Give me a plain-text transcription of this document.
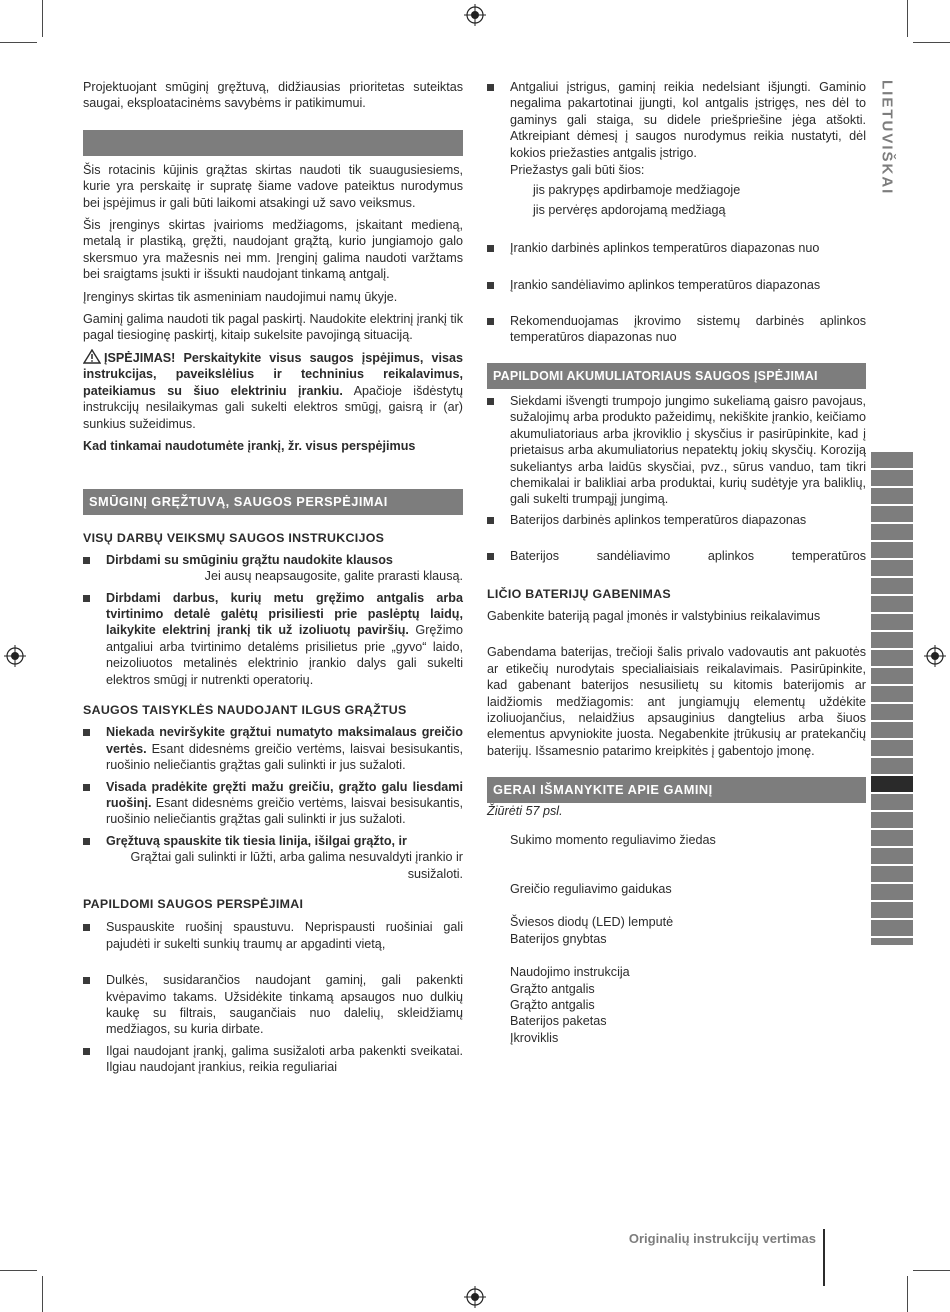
LIETUVIŠKAI

Projektuojant smūginį gręžtuvą, didžiausias prioritetas suteiktas saugai, eksploatacinėms savybėms ir patikimumui.

Šis rotacinis kūjinis grąžtas skirtas naudoti tik suaugusiesiems, kurie yra perskaitę ir supratę šiame vadove pateiktus nurodymus bei įspėjimus ir gali būti laikomi atsakingi už savo veiksmus.

Šis įrenginys skirtas įvairioms medžiagoms, įskaitant medieną, metalą ir plastiką, gręžti, naudojant grąžtą, kurio jungiamojo galo skersmuo yra mažesnis nei mm. Įrenginį galima naudoti varžtams bei sraigtams įsukti ir išsukti naudojant tinkamą antgalį.

Įrenginys skirtas tik asmeniniam naudojimui namų ūkyje.

Gaminį galima naudoti tik pagal paskirtį. Naudokite elektrinį įrankį tik pagal tiesioginę paskirtį, kitaip sukelsite pavojingą situaciją.

ĮSPĖJIMAS! Perskaitykite visus saugos įspėjimus, visas instrukcijas, paveikslėlius ir techninius reikalavimus, pateikiamus su šiuo elektriniu įrankiu. Apačioje išdėstytų instrukcijų nesilaikymas gali sukelti elektros smūgį, gaisrą ir (ar) sunkius sužeidimus.

Kad tinkamai naudotumėte įrankį, žr. visus perspėjimus

SMŪGINĮ GRĘŽTUVĄ, SAUGOS PERSPĖJIMAI

VISŲ DARBŲ VEIKSMŲ SAUGOS INSTRUKCIJOS

Dirbdami su smūginiu grąžtu naudokite klausos
Jei ausų neapsaugosite, galite prarasti klausą.
Dirbdami darbus, kurių metu gręžimo antgalis arba tvirtinimo detalė galėtų prisiliesti prie paslėptų laidų, laikykite elektrinį įrankį tik už izoliuotų paviršių. Gręžimo antgaliui arba tvirtinimo detalėms prisilietus prie „gyvo“ laido, neizoliuotos metalinės elektrinio įrankio dalys gali sukelti elektros smūgį ir nutrenkti operatorių.

SAUGOS TAISYKLĖS NAUDOJANT ILGUS GRĄŽTUS

Niekada neviršykite grąžtui numatyto maksimalaus greičio vertės. Esant didesnėms greičio vertėms, laisvai besisukantis, ruošinio neliečiantis grąžtas gali sulinkti ir jus sužaloti.
Visada pradėkite gręžti mažu greičiu, grąžto galu liesdami ruošinį. Esant didesnėms greičio vertėms, laisvai besisukantis, ruošinio neliečiantis grąžtas gali sulinkti ir jus sužaloti.
Gręžtuvą spauskite tik tiesia linija, išilgai grąžto, ir
Grąžtai gali sulinkti ir lūžti, arba galima nesuvaldyti įrankio ir susižaloti.

PAPILDOMI SAUGOS PERSPĖJIMAI

Suspauskite ruošinį spaustuvu. Neprispausti ruošiniai gali pajudėti ir sukelti sunkių traumų ar apgadinti vietą,
Dulkės, susidarančios naudojant gaminį, gali pakenkti kvėpavimo takams. Užsidėkite tinkamą apsaugos nuo dulkių kaukę su filtrais, saugančiais nuo dalelių, skleidžiamų medžiagos, su kuria dirbate.
Ilgai naudojant įrankį, galima susižaloti arba pakenkti sveikatai. Ilgiau naudojant įrankius, reikia reguliariai
Antgaliui įstrigus, gaminį reikia nedelsiant išjungti. Gaminio negalima pakartotinai įjungti, kol antgalis įstrigęs, nes dėl to gaminys gali staiga, su didele priešpriešine jėga atšokti. Atkreipiant dėmesį į saugos nurodymus reikia nustatyti, dėl kokios priežasties antgalis įstrigo.

Priežastys gali būti šios:

jis pakrypęs apdirbamoje medžiagoje

jis pervėręs apdorojamą medžiagą

Įrankio darbinės aplinkos temperatūros diapazonas nuo
Įrankio sandėliavimo aplinkos temperatūros diapazonas
Rekomenduojamas įkrovimo sistemų darbinės aplinkos temperatūros diapazonas nuo
PAPILDOMI AKUMULIATORIAUS SAUGOS ĮSPĖJIMAI
Siekdami išvengti trumpojo jungimo sukeliamą gaisro pavojaus, sužalojimų arba produkto pažeidimų, nekiškite įrankio, keičiamo akumuliatoriaus arba įkroviklio į skysčius ir pasirūpinkite, kad į prietaisus arba akumuliatorius nepatektų jokių skysčių. Koroziją sukeliantys arba laidūs skysčiai, pvz., sūrus vanduo, tam tikri chemikalai ir balikliai arba produktai, kurių sudėtyje yra baliklių, gali sukelti trumpąjį jungimą.
Baterijos darbinės aplinkos temperatūros diapazonas
Baterijos sandėliavimo aplinkos temperatūros

LIČIO BATERIJŲ GABENIMAS

Gabenkite bateriją pagal įmonės ir valstybinius reikalavimus

Gabendama baterijas, trečioji šalis privalo vadovautis ant pakuotės ar etikečių nurodytais specialiaisiais reikalavimais. Pasirūpinkite, kad gabenant baterijos nesusilietų su kitomis baterijomis ar laidžiomis medžiagomis: ant jungiamųjų elementų uždėkite izoliuojančius, nelaidžius apsauginius dangtelius arba šiuos elementus apvyniokite juosta. Negabenkite įtrūkusių ar pratekančių baterijų. Išsamesnio patarimo kreipkitės į gabentojo įmonę.

GERAI IŠMANYKITE APIE GAMINĮ

Žiūrėti 57 psl.

Sukimo momento reguliavimo žiedas

Greičio reguliavimo gaidukas

Šviesos diodų (LED) lemputė

Baterijos gnybtas

Naudojimo instrukcija

Grąžto antgalis

Grąžto antgalis

Baterijos paketas

Įkroviklis

Originalių instrukcijų vertimas
